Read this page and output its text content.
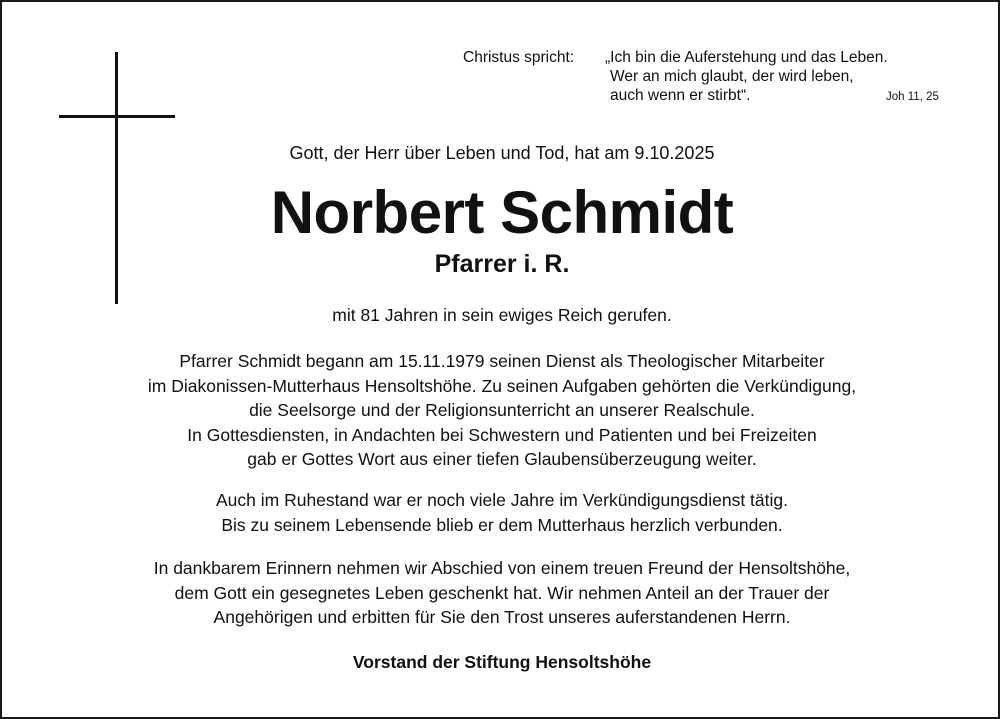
Christus spricht: „Ich bin die Auferstehung und das Leben.
Wer an mich glaubt, der wird leben,
auch wenn er stirbt“.	Joh 11, 25
Gott, der Herr über Leben und Tod, hat am 9.10.2025
Norbert Schmidt
Pfarrer i. R.
mit 81 Jahren in sein ewiges Reich gerufen.
Pfarrer Schmidt begann am 15.11.1979 seinen Dienst als Theologischer Mitarbeiter
im Diakonissen-Mutterhaus Hensoltshöhe. Zu seinen Aufgaben gehörten die Verkündigung,
die Seelsorge und der Religionsunterricht an unserer Realschule.
In Gottesdiensten, in Andachten bei Schwestern und Patienten und bei Freizeiten
gab er Gottes Wort aus einer tiefen Glaubensüberzeugung weiter.
Auch im Ruhestand war er noch viele Jahre im Verkündigungsdienst tätig.
Bis zu seinem Lebensende blieb er dem Mutterhaus herzlich verbunden.
In dankbarem Erinnern nehmen wir Abschied von einem treuen Freund der Hensoltshöhe,
dem Gott ein gesegnetes Leben geschenkt hat. Wir nehmen Anteil an der Trauer der
Angehörigen und erbitten für Sie den Trost unseres auferstandenen Herrn.
Vorstand der Stiftung Hensoltshöhe
